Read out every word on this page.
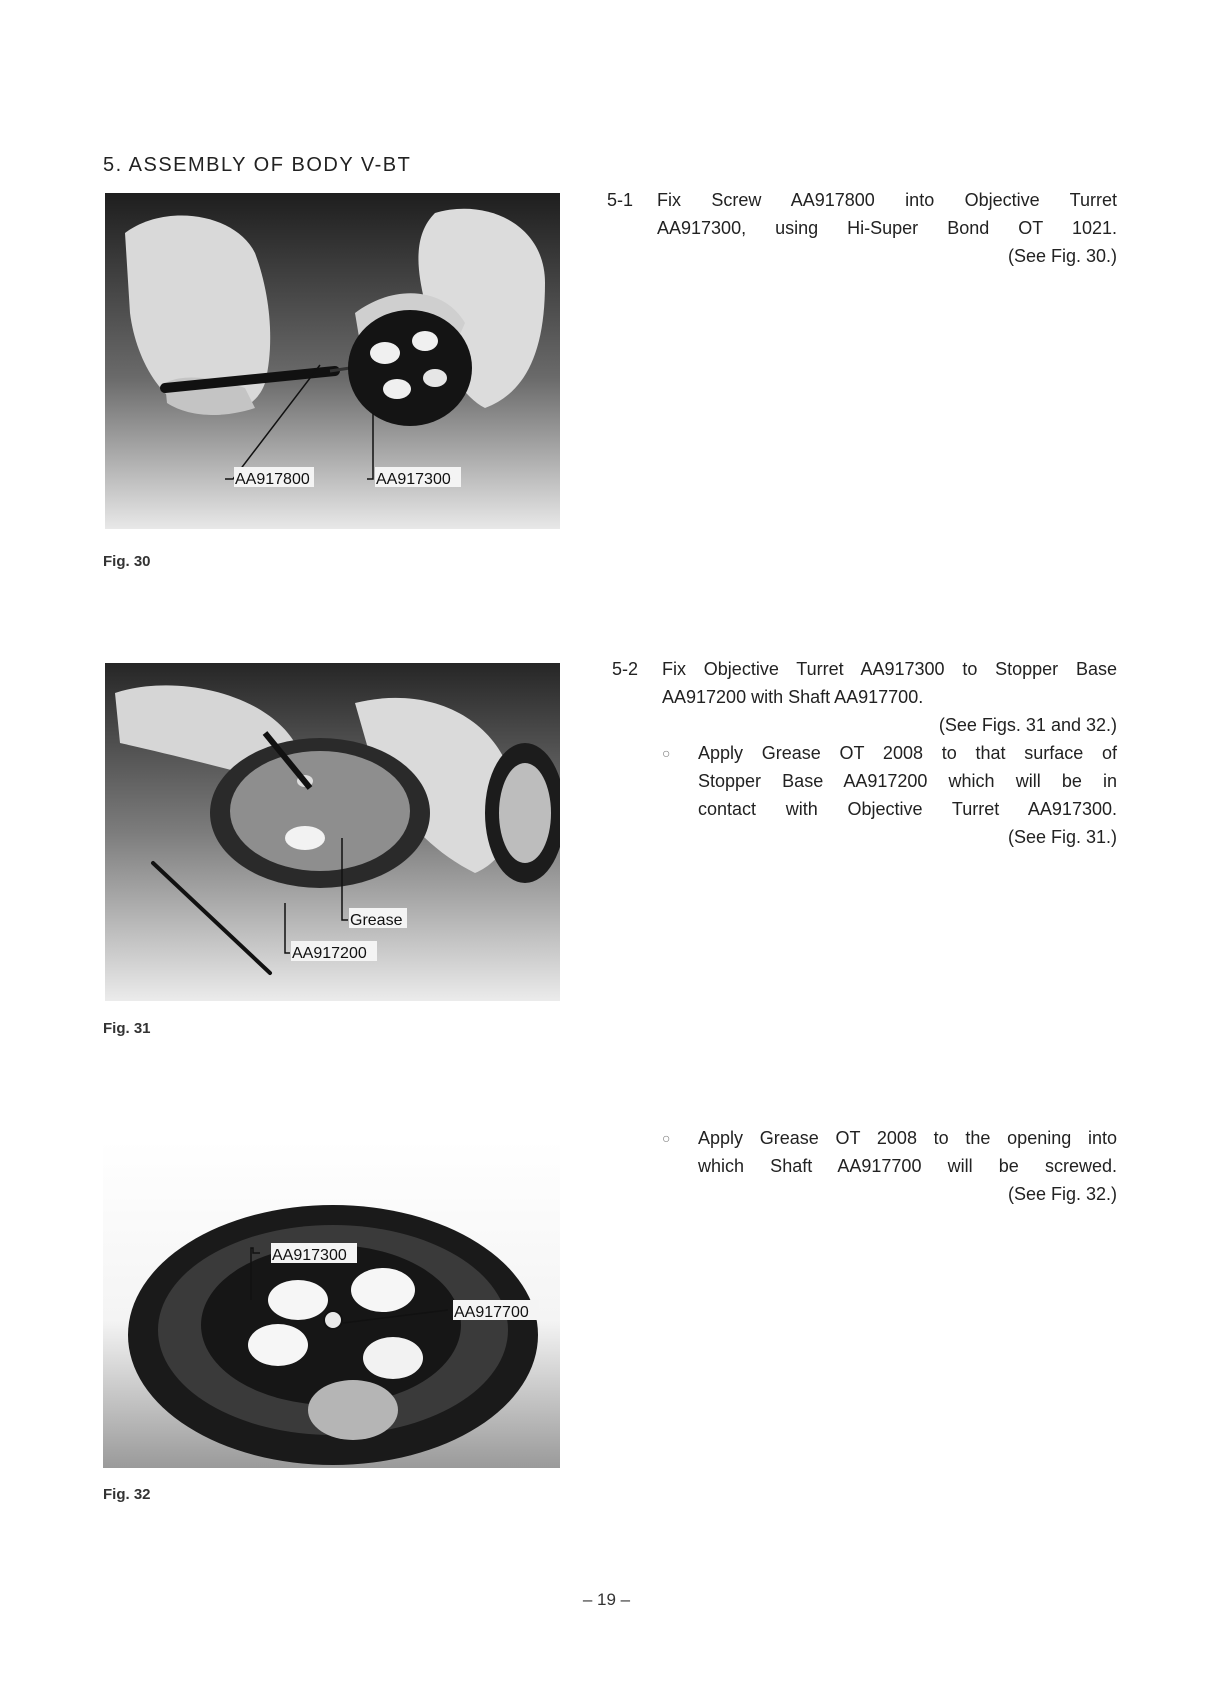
5. ASSEMBLY OF BODY V-BT
AA917800	AA917300
Fig. 30
Grease
AA917200
Fig. 31
AA917300
AA917700
Fig. 32
5-1 Fix Screw AA917800 into Objective Turret
AA917300, using Hi-Super Bond OT 1021.
(See Fig. 30.)
5-2 Fix Objective Turret AA917300 to Stopper Base
AA917200 with Shaft AA917700.
(See Figs. 31 and 32.)
○ Apply Grease OT 2008 to that surface of
Stopper Base AA917200 which will be in
contact with Objective Turret AA917300.
(See Fig. 31.)
○ Apply Grease OT 2008 to the opening into
which Shaft AA917700 will be screwed.
(See Fig. 32.)
– 19 –
